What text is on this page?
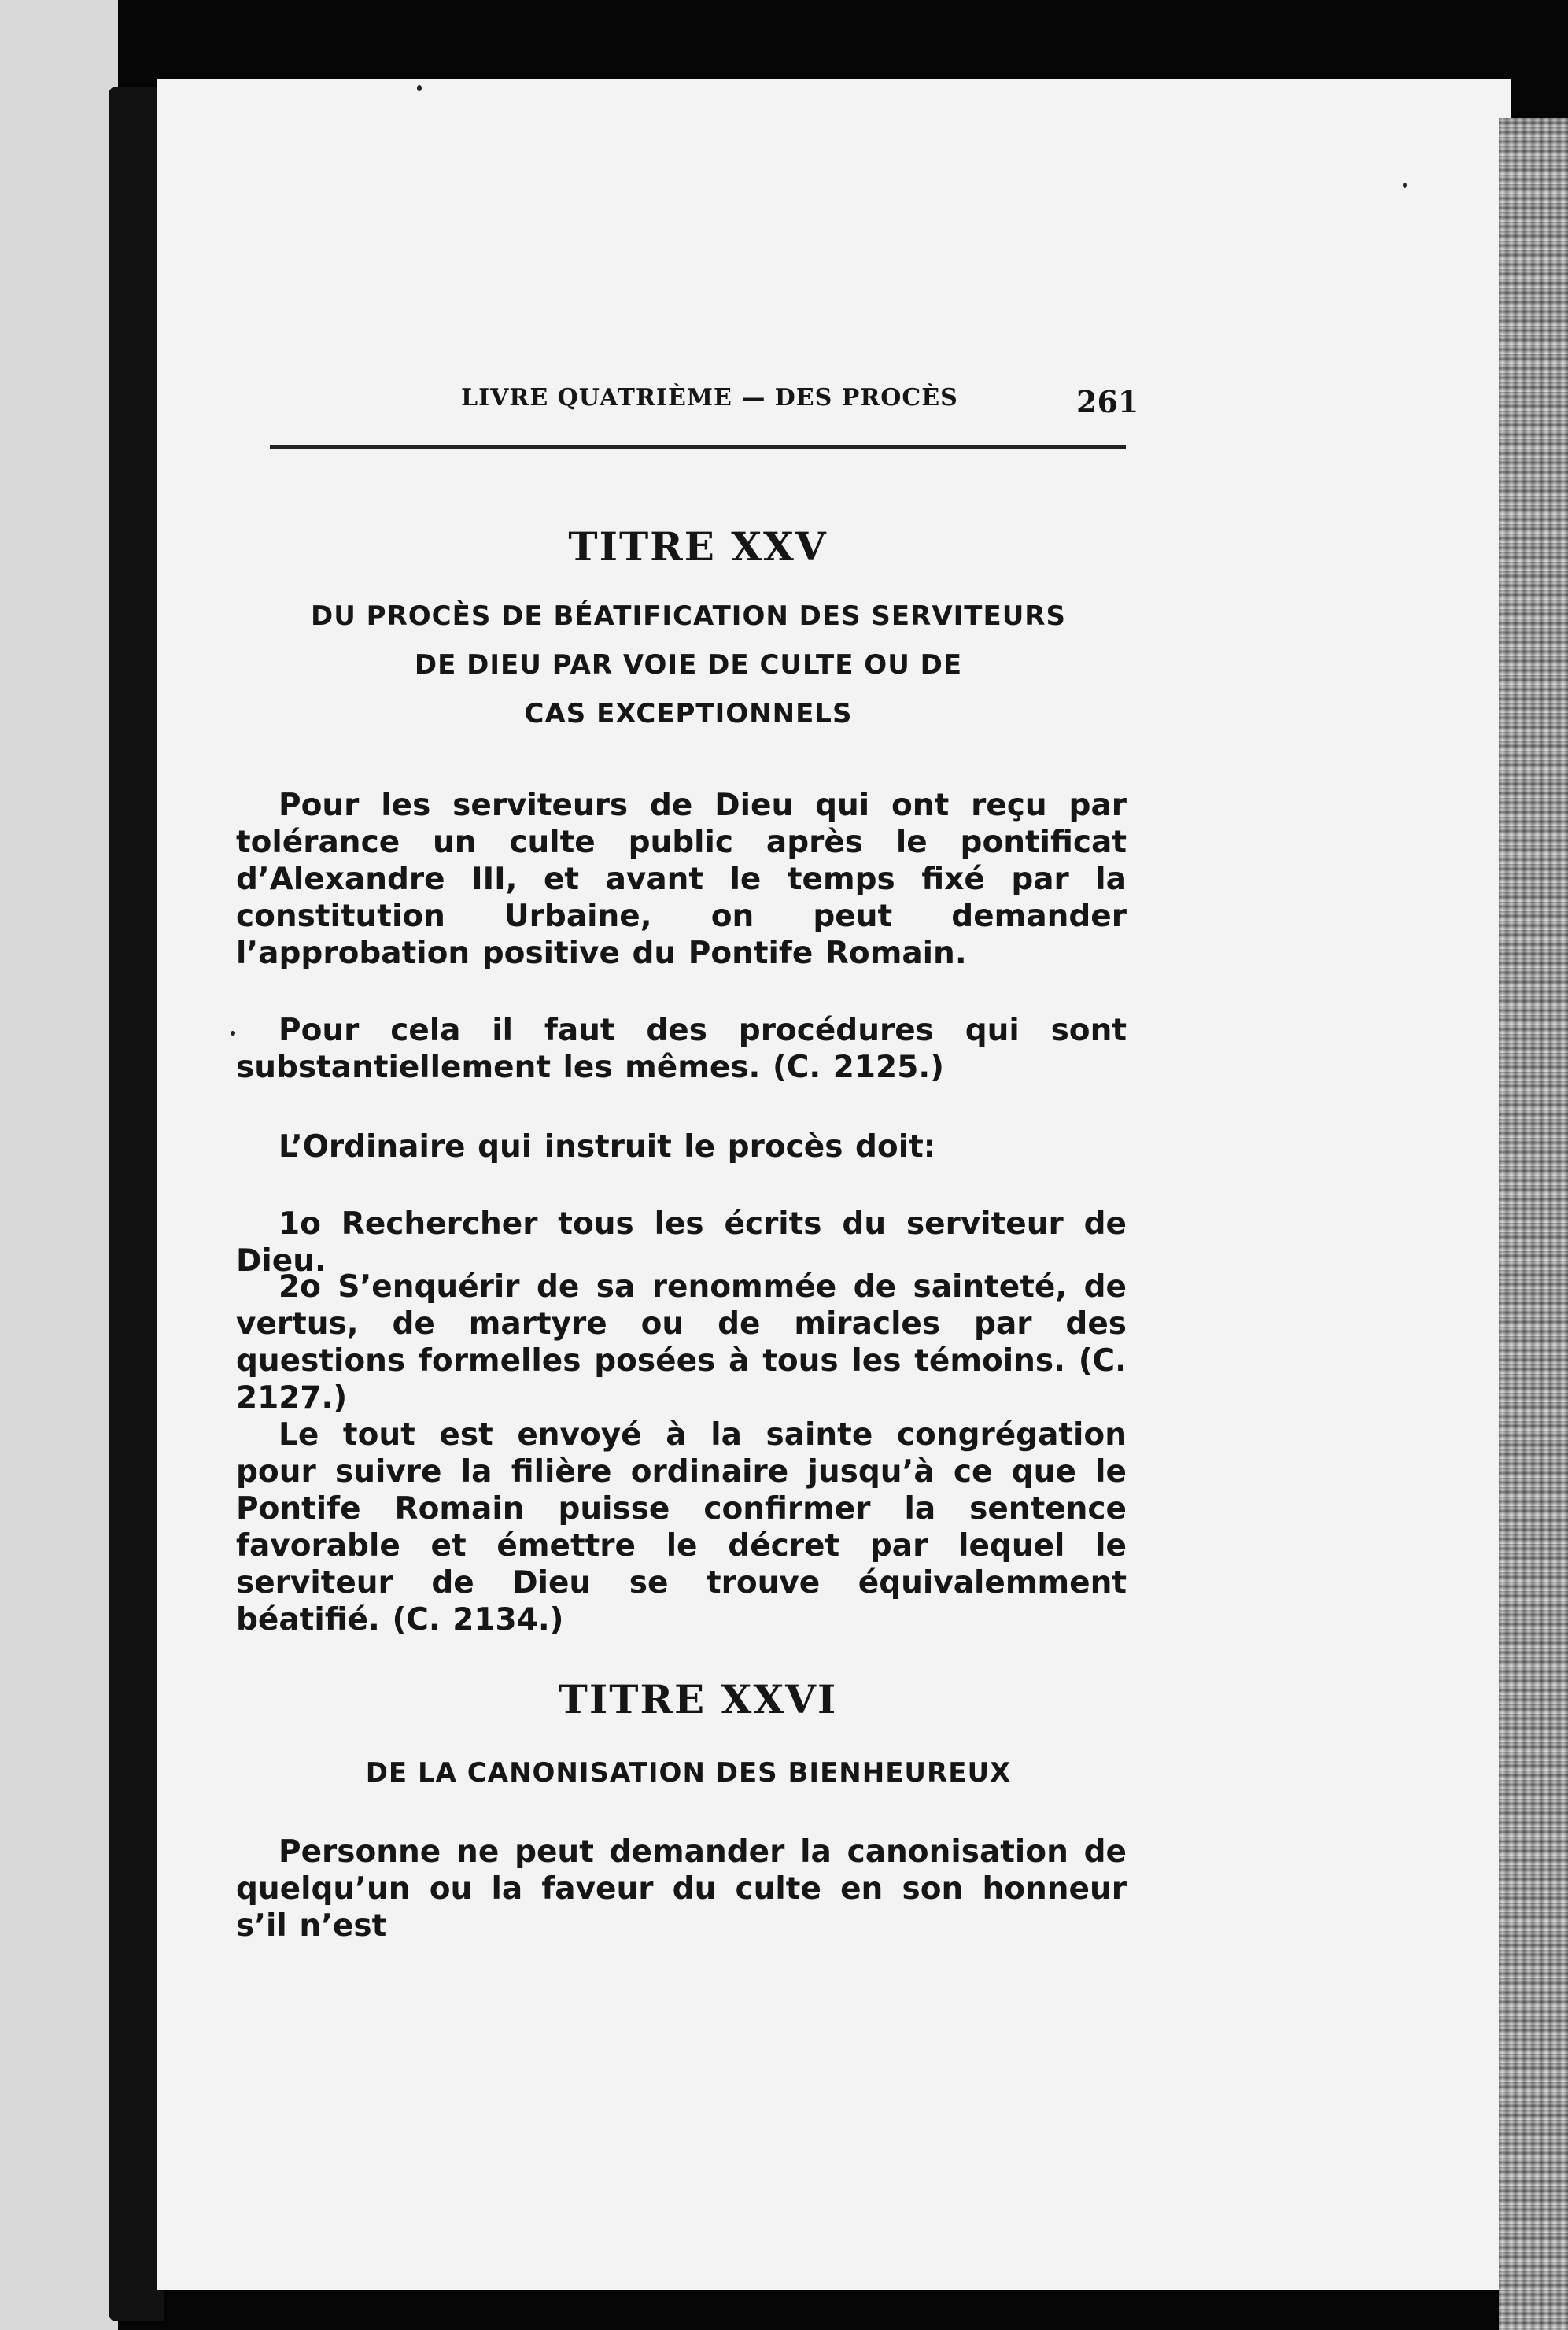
LIVRE QUATRIÈME — DES PROCÈS	261
TITRE XXV
DU PROCÈS DE BÉATIFICATION DES SERVITEURS
DE DIEU PAR VOIE DE CULTE OU DE
CAS EXCEPTIONNELS

Pour les serviteurs de Dieu qui ont reçu par tolérance un culte public après le pontificat d’Alexandre III, et avant le temps fixé par la constitution Urbaine, on peut demander l’approbation positive du Pontife Romain.

Pour cela il faut des procédures qui sont substantiellement les mêmes. (C. 2125.)

L’Ordinaire qui instruit le procès doit:

1o Rechercher tous les écrits du serviteur de Dieu.

2o S’enquérir de sa renommée de sainteté, de vertus, de martyre ou de miracles par des questions formelles posées à tous les témoins. (C. 2127.)

Le tout est envoyé à la sainte congrégation pour suivre la filière ordinaire jusqu’à ce que le Pontife Romain puisse confirmer la sentence favorable et émettre le décret par lequel le serviteur de Dieu se trouve équivalemment béatifié. (C. 2134.)

TITRE XXVI
DE LA CANONISATION DES BIENHEUREUX

Personne ne peut demander la canonisation de quelqu’un ou la faveur du culte en son honneur s’il n’est
